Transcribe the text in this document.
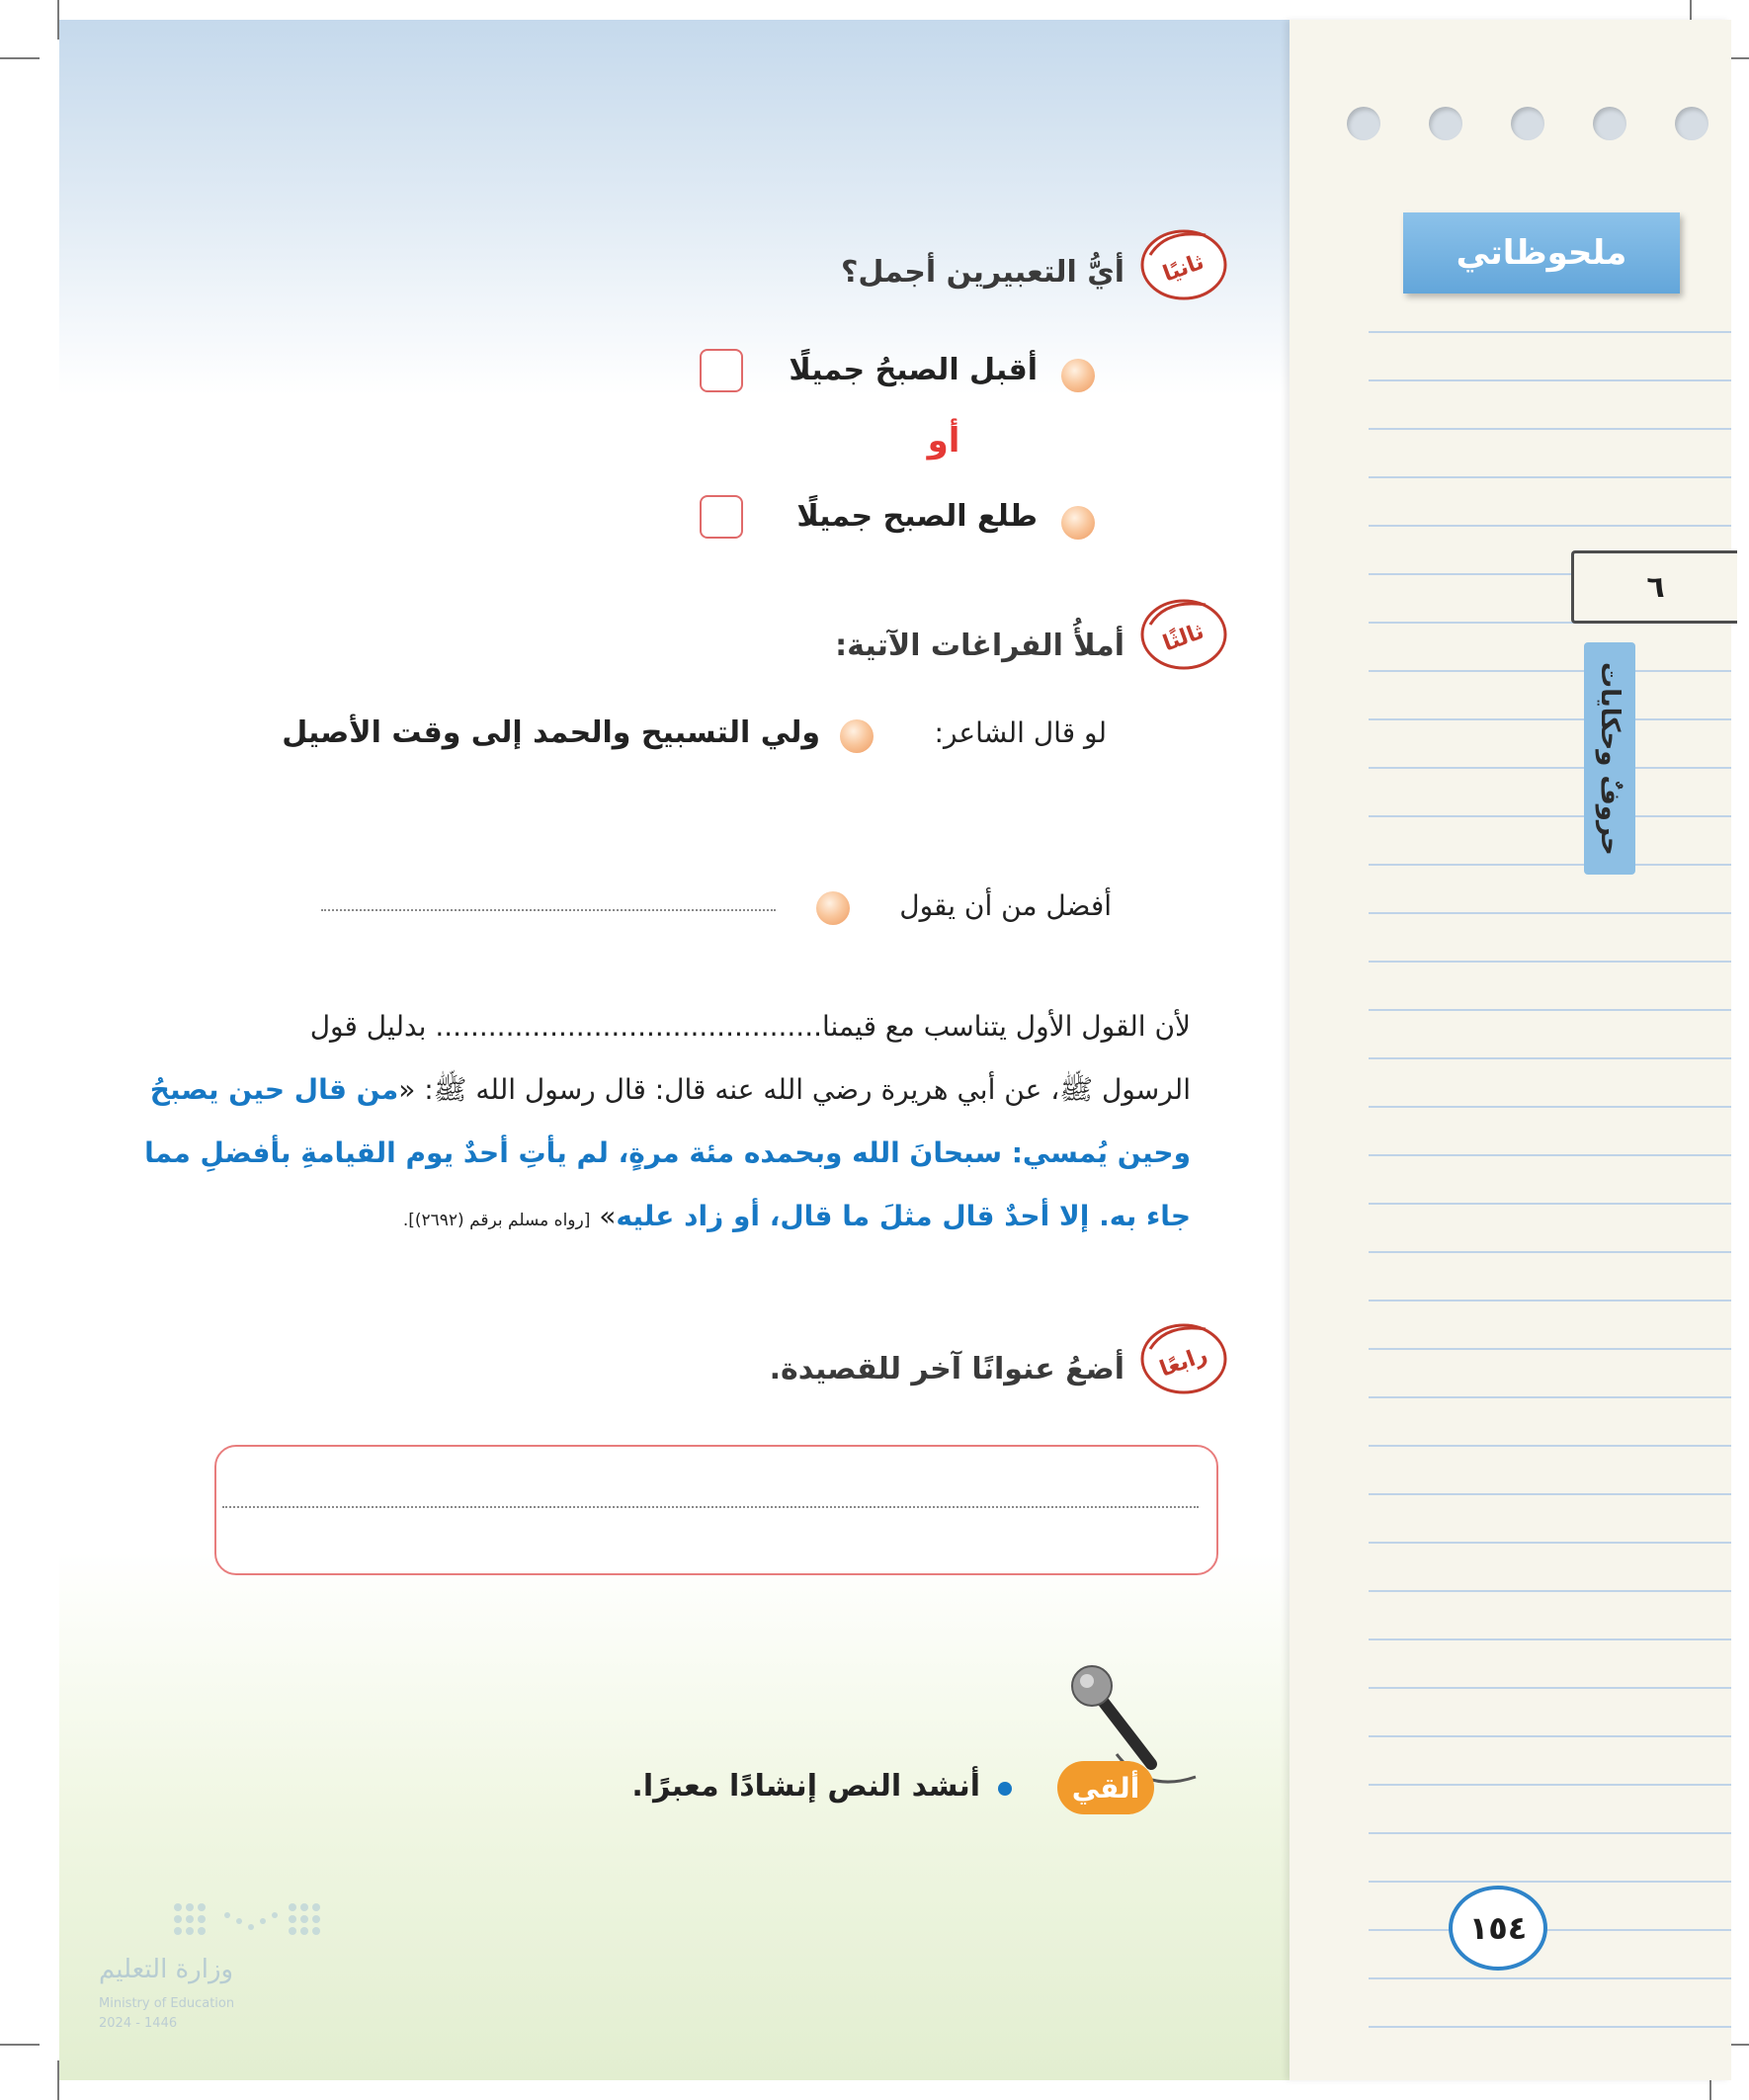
ملحوظاتي
٦
حروفٌ وحكايات
ثانيًا
أيُّ التعبيرين أجمل؟
أقبل الصبحُ جميلًا
أو
طلع الصبح جميلًا
ثالثًا
أملأُ الفراغات الآتية:
لو قال الشاعر:
ولي التسبيح والحمد إلى وقت الأصيل
أفضل من أن يقول
لأن القول الأول يتناسب مع قيمنا............................................ بدليل قول
الرسول ﷺ، عن أبي هريرة رضي الله عنه قال: قال رسول الله ﷺ: «من قال حين يصبحُ
وحين يُمسي: سبحانَ الله وبحمده مئة مرةٍ، لم يأتِ أحدٌ يوم القيامةِ بأفضلِ مما
جاء به. إلا أحدٌ قال مثلَ ما قال، أو زاد عليه» [رواه مسلم برقم (٢٦٩٢)].
رابعًا
أضعُ عنوانًا آخر للقصيدة.
ألقي
أنشد النص إنشادًا معبرًا.
١٥٤
وزارة التعليم
Ministry of Education
2024 - 1446
